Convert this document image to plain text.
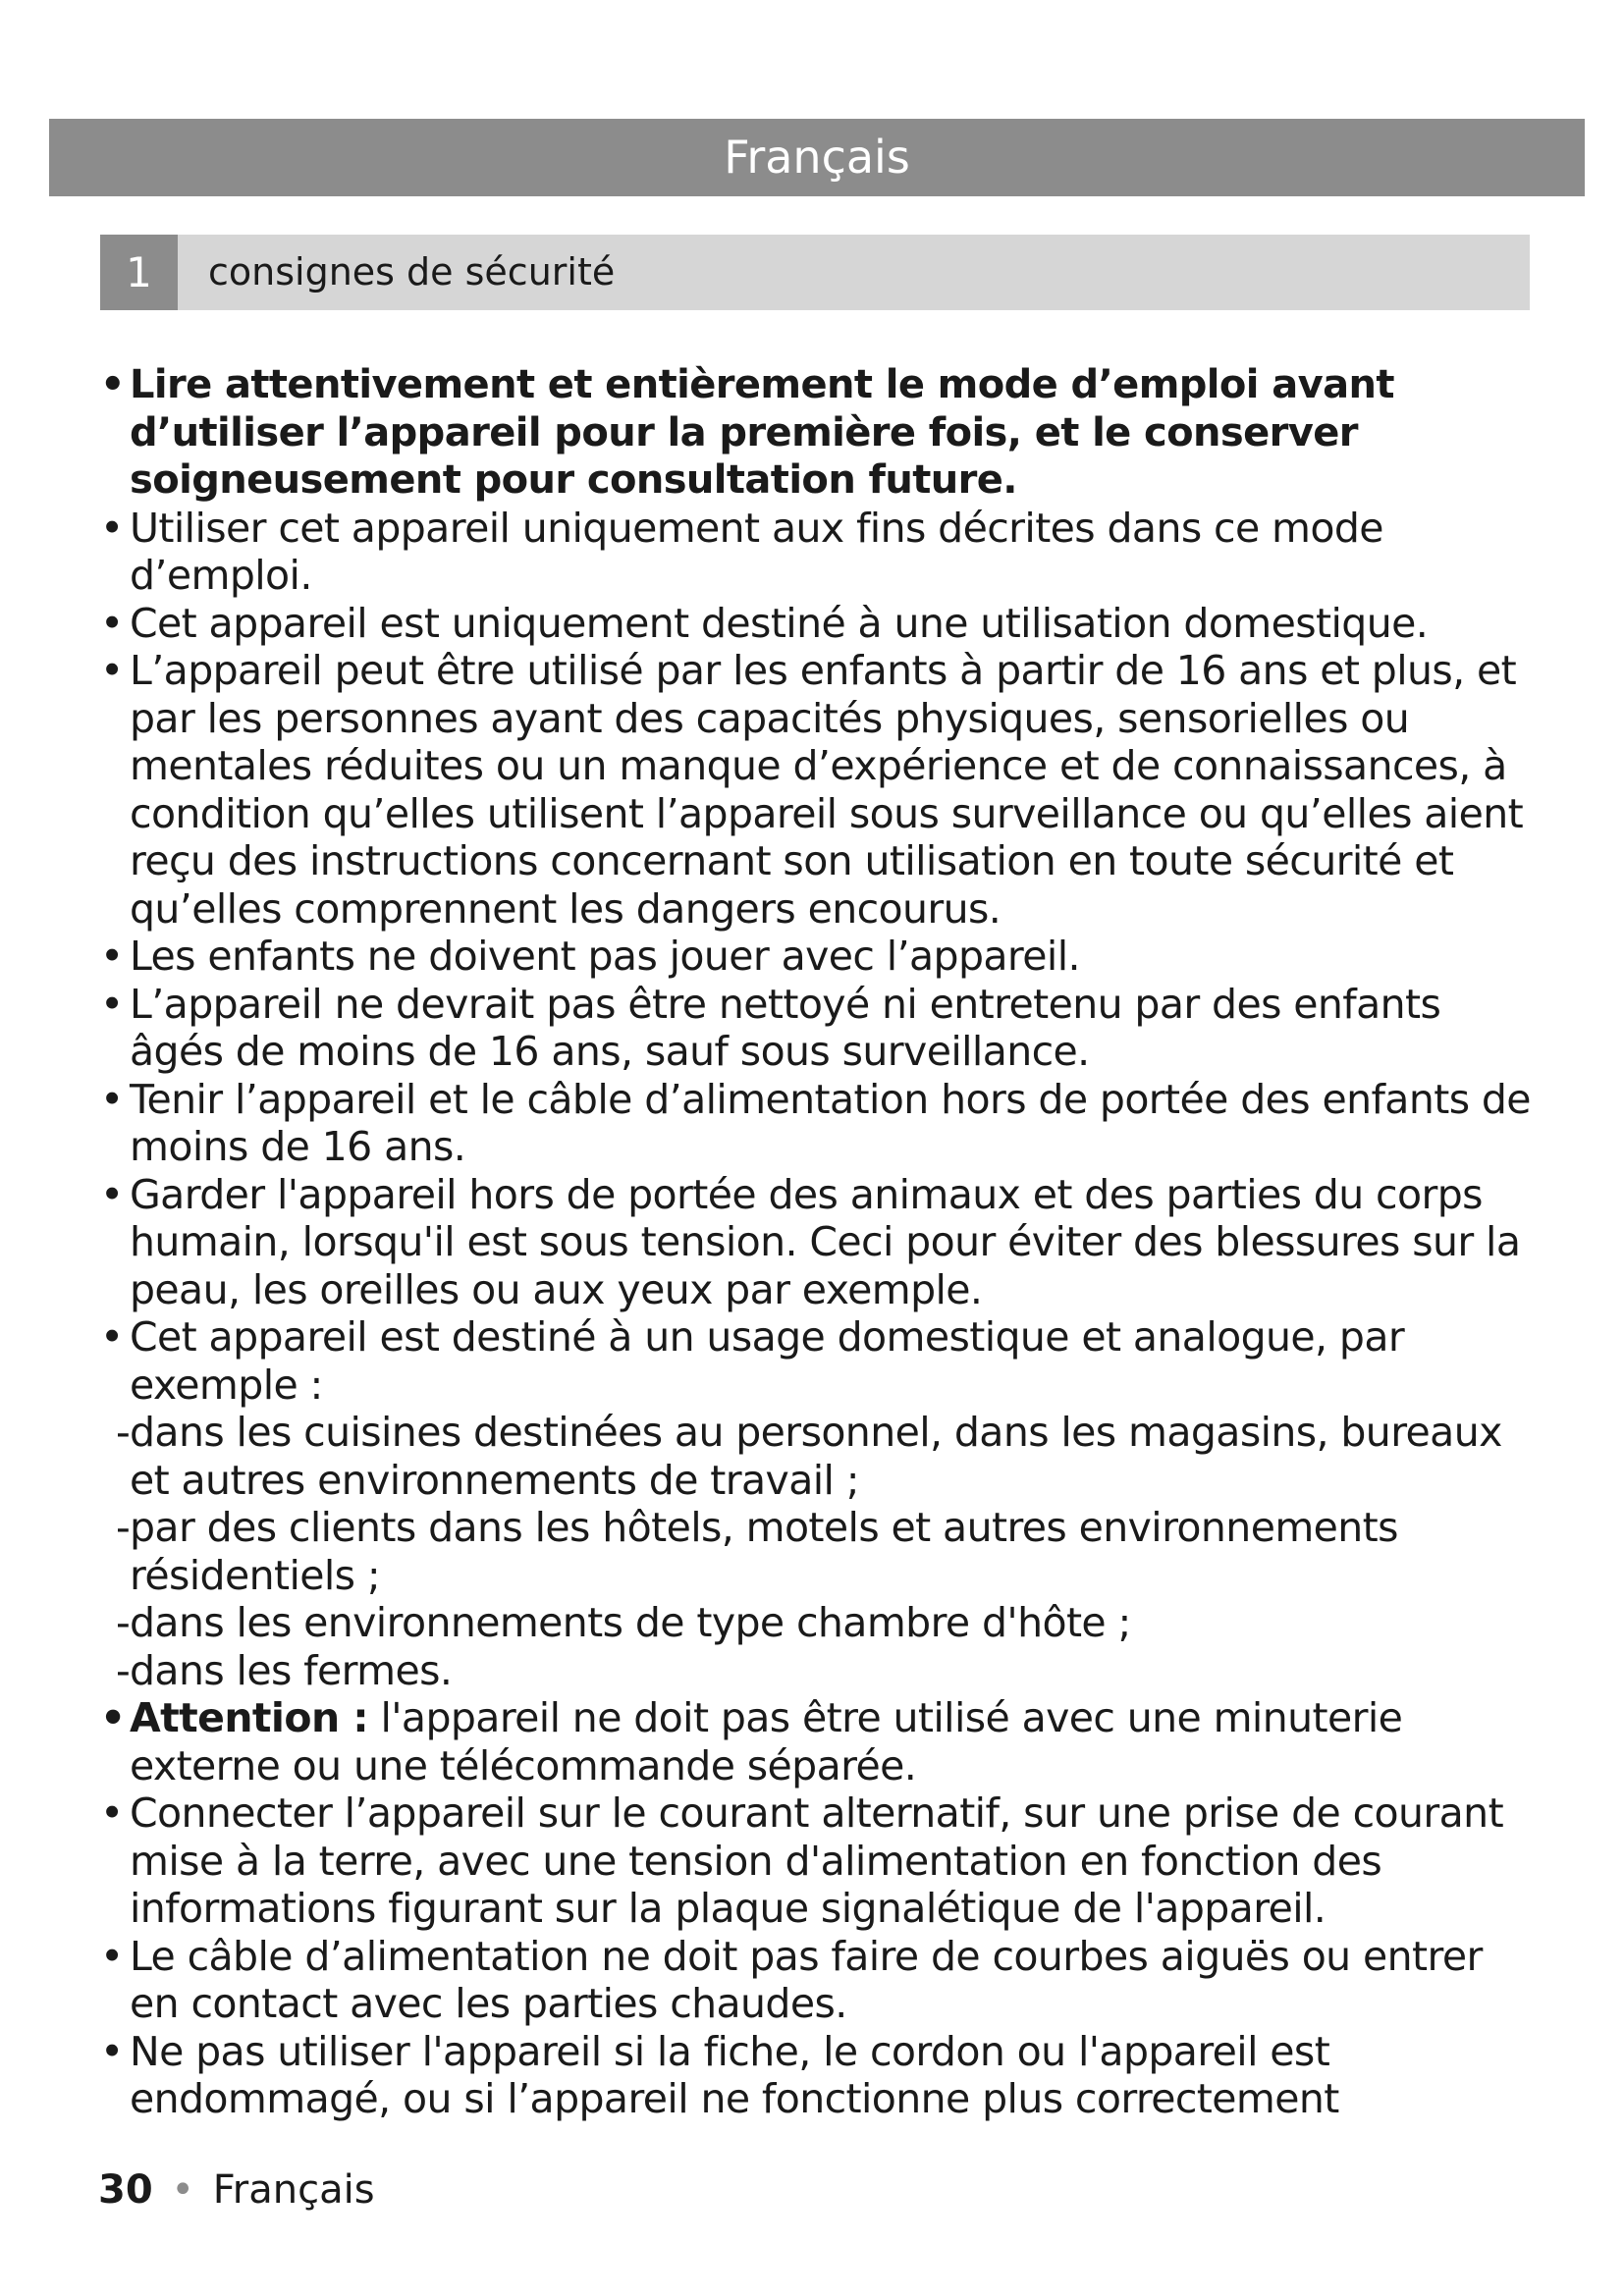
Français
1	consignes de sécurité
• Lire attentivement et entièrement le mode d’emploi avant d’utiliser l’appareil pour la première fois, et le conserver soigneusement pour consultation future.
• Utiliser cet appareil uniquement aux fins décrites dans ce mode d’emploi.
• Cet appareil est uniquement destiné à une utilisation domestique.
• L’appareil peut être utilisé par les enfants à partir de 16 ans et plus, et par les personnes ayant des capacités physiques, sensorielles ou mentales réduites ou un manque d’expérience et de connaissances, à condition qu’elles utilisent l’appareil sous surveillance ou qu’elles aient reçu des instructions concernant son utilisation en toute sécurité et qu’elles comprennent les dangers encourus.
• Les enfants ne doivent pas jouer avec l’appareil.
• L’appareil ne devrait pas être nettoyé ni entretenu par des enfants âgés de moins de 16 ans, sauf sous surveillance.
• Tenir l’appareil et le câble d’alimentation hors de portée des enfants de moins de 16 ans.
• Garder l'appareil hors de portée des animaux et des parties du corps humain, lorsqu'il est sous tension. Ceci pour éviter des blessures sur la peau, les oreilles ou aux yeux par exemple.
• Cet appareil est destiné à un usage domestique et analogue, par exemple :
- dans les cuisines destinées au personnel, dans les magasins, bureaux et autres environnements de travail ;
- par des clients dans les hôtels, motels et autres environnements résidentiels ;
- dans les environnements de type chambre d'hôte ;
- dans les fermes.
• Attention : l'appareil ne doit pas être utilisé avec une minuterie externe ou une télécommande séparée.
• Connecter l’appareil sur le courant alternatif, sur une prise de courant mise à la terre, avec une tension d'alimentation en fonction des informations figurant sur la plaque signalétique de l'appareil.
• Le câble d’alimentation ne doit pas faire de courbes aiguës ou entrer en contact avec les parties chaudes.
• Ne pas utiliser l'appareil si la fiche, le cordon ou l'appareil est endommagé, ou si l’appareil ne fonctionne plus correctement
30 • Français
